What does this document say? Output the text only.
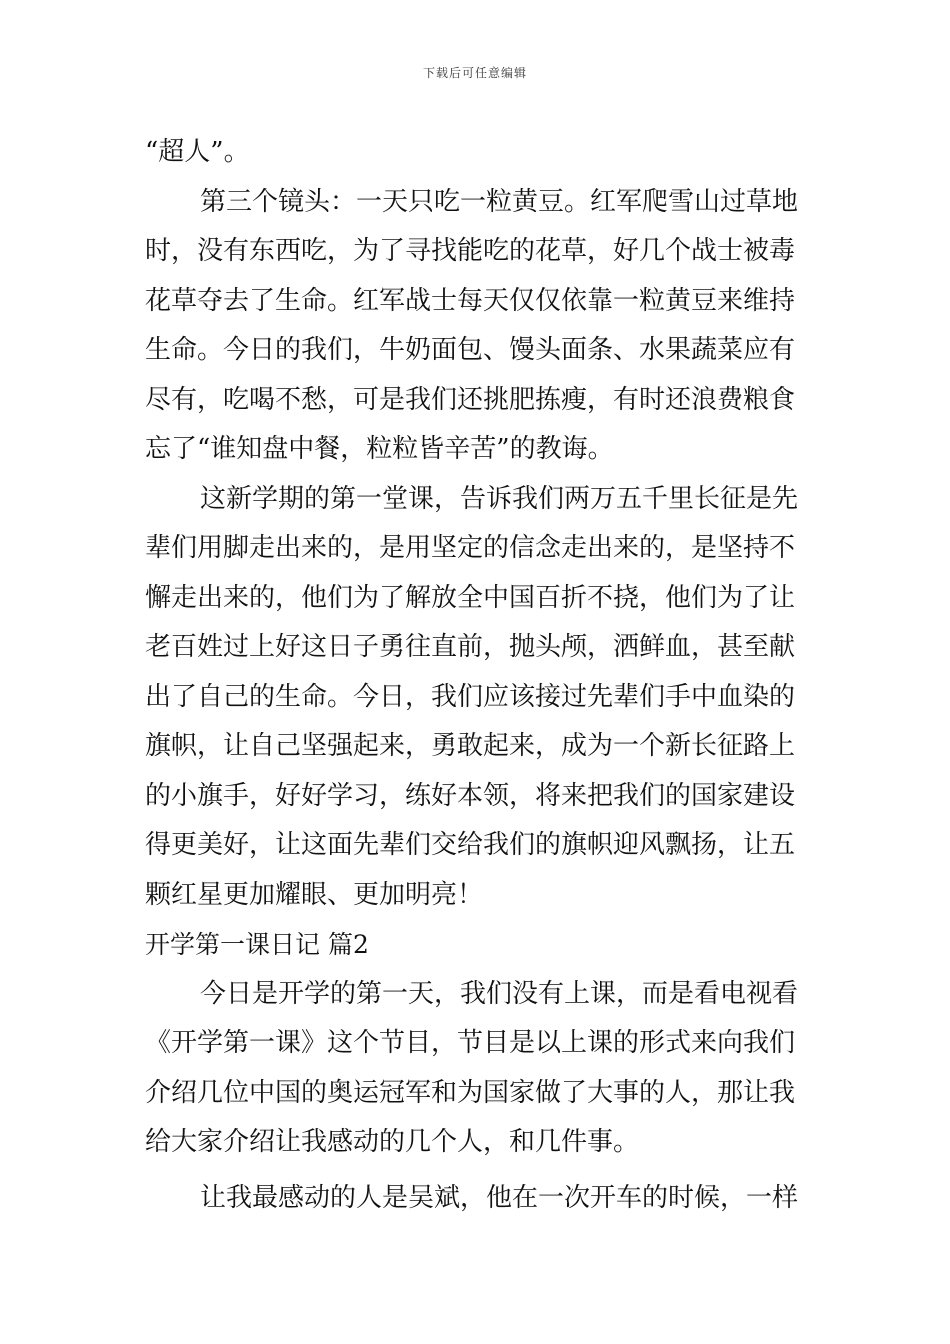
下载后可任意编辑
“超人”。
第三个镜头：一天只吃一粒黄豆。红军爬雪山过草地
时，没有东西吃，为了寻找能吃的花草，好几个战士被毒
花草夺去了生命。红军战士每天仅仅依靠一粒黄豆来维持
生命。今日的我们，牛奶面包、馒头面条、水果蔬菜应有
尽有，吃喝不愁，可是我们还挑肥拣瘦，有时还浪费粮食
忘了“谁知盘中餐，粒粒皆辛苦”的教诲。
这新学期的第一堂课，告诉我们两万五千里长征是先
辈们用脚走出来的，是用坚定的信念走出来的，是坚持不
懈走出来的，他们为了解放全中国百折不挠，他们为了让
老百姓过上好这日子勇往直前，抛头颅，洒鲜血，甚至献
出了自己的生命。今日，我们应该接过先辈们手中血染的
旗帜，让自己坚强起来，勇敢起来，成为一个新长征路上
的小旗手，好好学习，练好本领，将来把我们的国家建设
得更美好，让这面先辈们交给我们的旗帜迎风飘扬，让五
颗红星更加耀眼、更加明亮！
开学第一课日记 篇2
今日是开学的第一天，我们没有上课，而是看电视看
《开学第一课》这个节目，节目是以上课的形式来向我们
介绍几位中国的奥运冠军和为国家做了大事的人，那让我
给大家介绍让我感动的几个人，和几件事。
让我最感动的人是吴斌，他在一次开车的时候，一样
